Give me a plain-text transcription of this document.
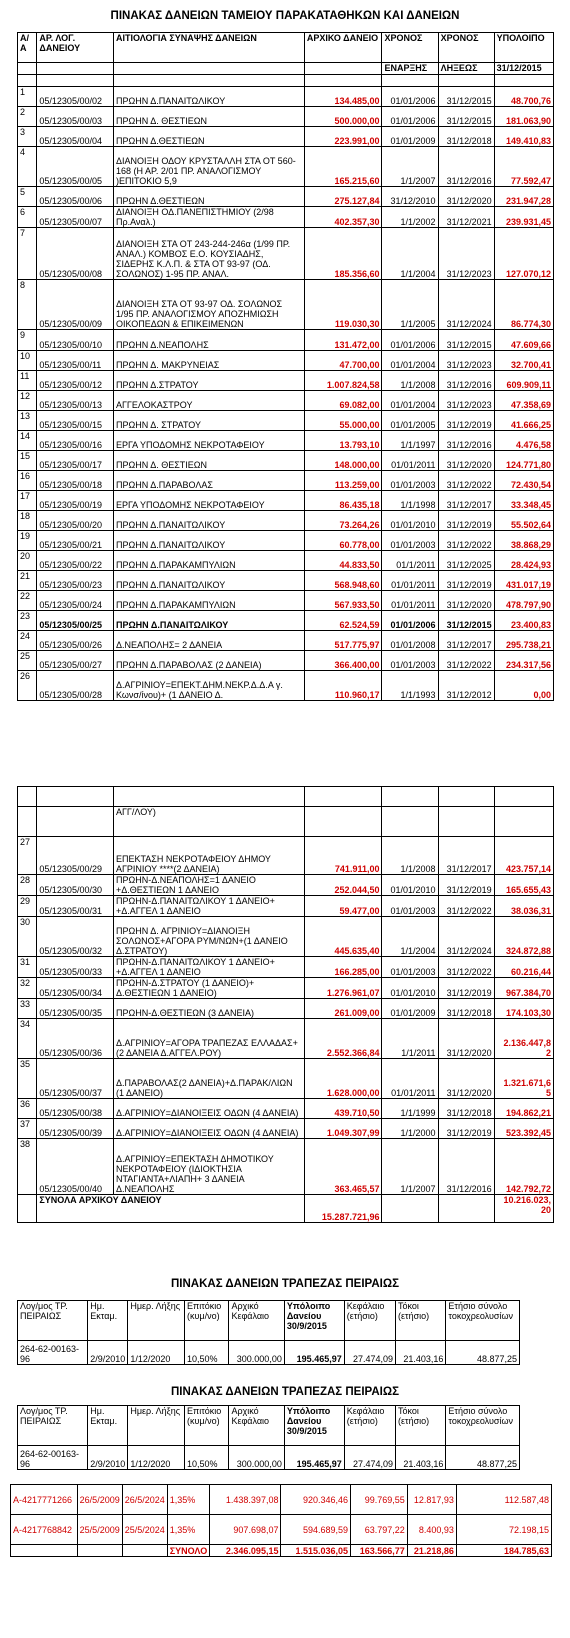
ΠΙΝΑΚΑΣ ΔΑΝΕΙΩΝ ΤΑΜΕΙΟΥ ΠΑΡΑΚΑΤΑΘΗΚΩΝ ΚΑΙ ΔΑΝΕΙΩΝ
Α/Α	ΑΡ. ΛΟΓ. ΔΑΝΕΙΟΥ	ΑΙΤΙΟΛΟΓΙΑ ΣΥΝΑΨΗΣ ΔΑΝΕΙΩΝ	ΑΡΧΙΚΟ ΔΑΝΕΙΟ	ΧΡΟΝΟΣ	ΧΡΟΝΟΣ	ΥΠΟΛΟΙΠΟ
				ΕΝΑΡΞΗΣ	ΛΗΞΕΩΣ	31/12/2015

1	05/12305/00/02	ΠΡΩΗΝ Δ.ΠΑΝΑΙΤΩΛΙΚΟΥ	134.485,00	01/01/2006	31/12/2015	48.700,76
2	05/12305/00/03	ΠΡΩΗΝ Δ. ΘΕΣΤΙΕΩΝ	500.000,00	01/01/2006	31/12/2015	181.063,90
3	05/12305/00/04	ΠΡΩΗΝ Δ.ΘΕΣΤΙΕΩΝ	223.991,00	01/01/2009	31/12/2018	149.410,83
4	05/12305/00/05	ΔΙΑΝΟΙΞΗ ΟΔΟΥ ΚΡΥΣΤΑΛΛΗ ΣΤΑ ΟΤ 560-168 (Η ΑΡ. 2/01 ΠΡ. ΑΝΑΛΟΓΙΣΜΟΥ )ΕΠΙΤΟΚΙΟ 5,9	165.215,60	1/1/2007	31/12/2016	77.592,47
5	05/12305/00/06	ΠΡΩΗΝ Δ.ΘΕΣΤΙΕΩΝ	275.127,84	31/12/2010	31/12/2020	231.947,28
6	05/12305/00/07	ΔΙΑΝΟΙΞΗ ΟΔ.ΠΑΝΕΠΙΣΤΗΜΙΟΥ (2/98 Πρ.Αναλ.)	402.357,30	1/1/2002	31/12/2021	239.931,45
7	05/12305/00/08	ΔΙΑΝΟΙΞΗ ΣΤΑ ΟΤ 243-244-246α (1/99 ΠΡ. ΑΝΑΛ.) ΚΟΜΒΟΣ Ε.Ο. ΚΟΥΣΙΑΔΗΣ, ΣΙΔΕΡΗΣ Κ.Λ.Π. & ΣΤΑ ΟΤ 93-97 (ΟΔ. ΣΟΛΩΝΟΣ) 1-95 ΠΡ. ΑΝΑΛ.	185.356,60	1/1/2004	31/12/2023	127.070,12
8	05/12305/00/09	ΔΙΑΝΟΙΞΗ ΣΤΑ ΟΤ 93-97 ΟΔ. ΣΟΛΩΝΟΣ 1/95 ΠΡ. ΑΝΑΛΟΓΙΣΜΟΥ ΑΠΟΖΗΜΙΩΣΗ ΟΙΚΟΠΕΔΩΝ & ΕΠΙΚΕΙΜΕΝΩΝ	119.030,30	1/1/2005	31/12/2024	86.774,30
9	05/12305/00/10	ΠΡΩΗΝ Δ.ΝΕΑΠΟΛΗΣ	131.472,00	01/01/2006	31/12/2015	47.609,66
10	05/12305/00/11	ΠΡΩΗΝ Δ. ΜΑΚΡΥΝΕΙΑΣ	47.700,00	01/01/2004	31/12/2023	32.700,41
11	05/12305/00/12	ΠΡΩΗΝ Δ.ΣΤΡΑΤΟΥ	1.007.824,58	1/1/2008	31/12/2016	609.909,11
12	05/12305/00/13	ΑΓΓΕΛΟΚΑΣΤΡΟΥ	69.082,00	01/01/2004	31/12/2023	47.358,69
13	05/12305/00/15	ΠΡΩΗΝ Δ. ΣΤΡΑΤΟΥ	55.000,00	01/01/2005	31/12/2019	41.666,25
14	05/12305/00/16	ΕΡΓΑ ΥΠΟΔΟΜΗΣ ΝΕΚΡΟΤΑΦΕΙΟΥ	13.793,10	1/1/1997	31/12/2016	4.476,58
15	05/12305/00/17	ΠΡΩΗΝ Δ. ΘΕΣΤΙΕΩΝ	148.000,00	01/01/2011	31/12/2020	124.771,80
16	05/12305/00/18	ΠΡΩΗΝ Δ.ΠΑΡΑΒΟΛΑΣ	113.259,00	01/01/2003	31/12/2022	72.430,54
17	05/12305/00/19	ΕΡΓΑ ΥΠΟΔΟΜΗΣ ΝΕΚΡΟΤΑΦΕΙΟΥ	86.435,18	1/1/1998	31/12/2017	33.348,45
18	05/12305/00/20	ΠΡΩΗΝ Δ.ΠΑΝΑΙΤΩΛΙΚΟΥ	73.264,26	01/01/2010	31/12/2019	55.502,64
19	05/12305/00/21	ΠΡΩΗΝ Δ.ΠΑΝΑΙΤΩΛΙΚΟΥ	60.778,00	01/01/2003	31/12/2022	38.868,29
20	05/12305/00/22	ΠΡΩΗΝ Δ.ΠΑΡΑΚΑΜΠΥΛΙΩΝ	44.833,50	01/1/2011	31/12/2025	28.424,93
21	05/12305/00/23	ΠΡΩΗΝ Δ.ΠΑΝΑΙΤΩΛΙΚΟΥ	568.948,60	01/01/2011	31/12/2019	431.017,19
22	05/12305/00/24	ΠΡΩΗΝ Δ.ΠΑΡΑΚΑΜΠΥΛΙΩΝ	567.933,50	01/01/2011	31/12/2020	478.797,90
23	05/12305/00/25	ΠΡΩΗΝ Δ.ΠΑΝΑΙΤΩΛΙΚΟΥ	62.524,59	01/01/2006	31/12/2015	23.400,83
24	05/12305/00/26	Δ.ΝΕΑΠΟΛΗΣ= 2 ΔΑΝΕΙΑ	517.775,97	01/01/2008	31/12/2017	295.738,21
25	05/12305/00/27	ΠΡΩΗΝ Δ.ΠΑΡΑΒΟΛΑΣ (2 ΔΑΝΕΙΑ)	366.400,00	01/01/2003	31/12/2022	234.317,56
26	05/12305/00/28	Δ.ΑΓΡΙΝΙΟΥ=ΕΠΕΚΤ.ΔΗΜ.ΝΕΚΡ.Δ.Δ.Α γ. Κωνσ/ίνου)+ (1 ΔΑΝΕΙΟ Δ.	110.960,17	1/1/1993	31/12/2012	0,00

		ΑΓΓ/ΛΟΥ)				
27	05/12305/00/29	ΕΠΕΚΤΑΣΗ ΝΕΚΡΟΤΑΦΕΙΟΥ ΔΗΜΟΥ ΑΓΡΙΝΙΟΥ ****(2 ΔΑΝΕΙΑ)	741.911,00	1/1/2008	31/12/2017	423.757,14
28	05/12305/00/30	ΠΡΩΗΝ-Δ.ΝΕΑΠΟΛΗΣ=1 ΔΑΝΕΙΟ +Δ.ΘΕΣΤΙΕΩΝ 1 ΔΑΝΕΙΟ	252.044,50	01/01/2010	31/12/2019	165.655,43
29	05/12305/00/31	ΠΡΩΗΝ-Δ.ΠΑΝΑΙΤΩΛΙΚΟΥ 1 ΔΑΝΕΙΟ+ +Δ.ΑΓΓΕΛ 1 ΔΑΝΕΙΟ	59.477,00	01/01/2003	31/12/2022	38.036,31
30	05/12305/00/32	ΠΡΩΗΝ Δ. ΑΓΡΙΝΙΟΥ=ΔΙΑΝΟΙΞΗ ΣΟΛΩΝΟΣ+ΑΓΟΡΑ ΡΥΜ/ΝΩΝ+(1 ΔΑΝΕΙΟ Δ.ΣΤΡΑΤΟΥ)	445.635,40	1/1/2004	31/12/2024	324.872,88
31	05/12305/00/33	ΠΡΩΗΝ-Δ.ΠΑΝΑΙΤΩΛΙΚΟΥ 1 ΔΑΝΕΙΟ+ +Δ.ΑΓΓΕΛ 1 ΔΑΝΕΙΟ	166.285,00	01/01/2003	31/12/2022	60.216,44
32	05/12305/00/34	ΠΡΩΗΝ-Δ.ΣΤΡΑΤΟΥ (1 ΔΑΝΕΙΟ)+ Δ.ΘΕΣΤΙΕΩΝ 1 ΔΑΝΕΙΟ)	1.276.961,07	01/01/2010	31/12/2019	967.384,70
33	05/12305/00/35	ΠΡΩΗΝ-Δ.ΘΕΣΤΙΕΩΝ (3 ΔΑΝΕΙΑ)	261.009,00	01/01/2009	31/12/2018	174.103,30
34	05/12305/00/36	Δ.ΑΓΡΙΝΙΟΥ=ΑΓΟΡΑ ΤΡΑΠΕΖΑΣ ΕΛΛΑΔΑΣ+(2 ΔΑΝΕΙΑ Δ.ΑΓΓΕΛ.ΡΟΥ)	2.552.366,84	1/1/2011	31/12/2020	2.136.447,8 2
35	05/12305/00/37	Δ.ΠΑΡΑΒΟΛΑΣ(2 ΔΑΝΕΙΑ)+Δ.ΠΑΡΑΚ/ΛΙΩΝ (1 ΔΑΝΕΙΟ)	1.628.000,00	01/01/2011	31/12/2020	1.321.671,6 5
36	05/12305/00/38	Δ.ΑΓΡΙΝΙΟΥ=ΔΙΑΝΟΙΞΕΙΣ ΟΔΩΝ (4 ΔΑΝΕΙΑ)	439.710,50	1/1/1999	31/12/2018	194.862,21
37	05/12305/00/39	Δ.ΑΓΡΙΝΙΟΥ=ΔΙΑΝΟΙΞΕΙΣ ΟΔΩΝ (4 ΔΑΝΕΙΑ)	1.049.307,99	1/1/2000	31/12/2019	523.392,45
38	05/12305/00/40	Δ.ΑΓΡΙΝΙΟΥ=ΕΠΕΚΤΑΣΗ ΔΗΜΟΤΙΚΟΥ ΝΕΚΡΟΤΑΦΕΙΟΥ (ΙΔΙΟΚΤΗΣΙΑ ΝΤΑΓΙΑΝΤΑ+ΛΙΑΠΗ+ 3 ΔΑΝΕΙΑ Δ.ΝΕΑΠΟΛΗΣ	363.465,57	1/1/2007	31/12/2016	142.792,72
	ΣΥΝΟΛΑ ΑΡΧΙΚΟΥ ΔΑΝΕΙΟΥ		15.287.721,96			10.216.023, 20
ΠΙΝΑΚΑΣ ΔΑΝΕΙΩΝ ΤΡΑΠΕΖΑΣ ΠΕΙΡΑΙΩΣ
Λογ/μος ΤΡ. ΠΕΙΡΑΙΩΣ	Ημ. Εκταμ.	Ημερ. Λήξης	Επιτόκιο (κυμ/νο)	Αρχικό Κεφάλαιο	Υπόλοιπο Δανείου 30/9/2015	Κεφάλαιο (ετήσιο)	Τόκοι (ετήσιο)	Ετήσιο σύνολο τοκοχρεολυσίων
264-62-00163-96	2/9/2010	1/12/2020	10,50%	300.000,00	195.465,97	27.474,09	21.403,16	48.877,25
ΠΙΝΑΚΑΣ ΔΑΝΕΙΩΝ ΤΡΑΠΕΖΑΣ ΠΕΙΡΑΙΩΣ
Λογ/μος ΤΡ. ΠΕΙΡΑΙΩΣ	Ημ. Εκταμ.	Ημερ. Λήξης	Επιτόκιο (κυμ/νο)	Αρχικό Κεφάλαιο	Υπόλοιπο Δανείου 30/9/2015	Κεφάλαιο (ετήσιο)	Τόκοι (ετήσιο)	Ετήσιο σύνολο τοκοχρεολυσίων
264-62-00163-96	2/9/2010	1/12/2020	10,50%	300.000,00	195.465,97	27.474,09	21.403,16	48.877,25
A-4217771266	26/5/2009	26/5/2024	1,35%	1.438.397,08	920.346,46	99.769,55	12.817,93	112.587,48
A-4217768842	25/5/2009	25/5/2024	1,35%	907.698,07	594.689,59	63.797,22	8.400,93	72.198,15
			ΣΥΝΟΛΟ	2.346.095,15	1.515.036,05	163.566,77	21.218,86	184.785,63
